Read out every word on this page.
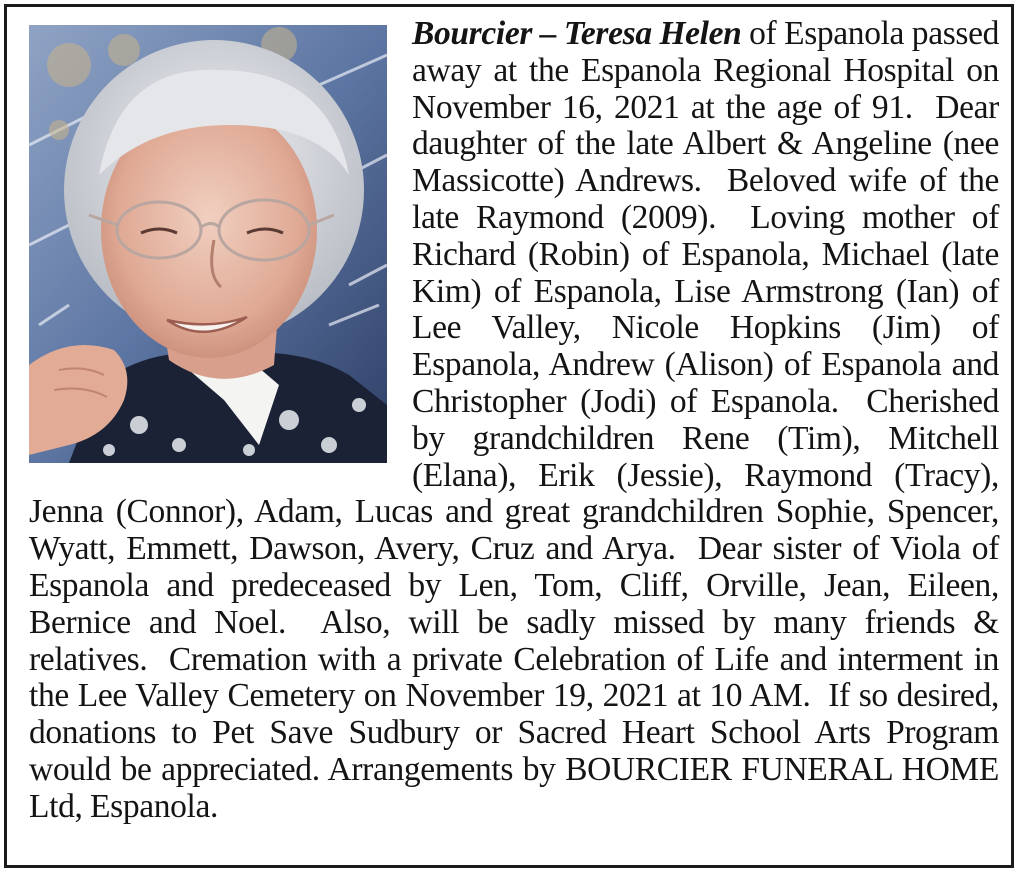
Bourcier – Teresa Helen of Espanola passed away at the Espanola Regional Hospital on November 16, 2021 at the age of 91.  Dear daughter of the late Albert & Angeline (nee Massicotte) Andrews.  Beloved wife of the late Raymond (2009).  Loving mother of Richard (Robin) of Espanola, Michael (late Kim) of Espanola, Lise Armstrong (Ian) of Lee Valley, Nicole Hopkins (Jim) of Espanola, Andrew (Alison) of Espanola and Christopher (Jodi) of Espanola.  Cherished by grandchildren Rene (Tim), Mitchell (Elana), Erik (Jessie), Raymond (Tracy), Jenna (Connor), Adam, Lucas and great grandchildren Sophie, Spencer, Wyatt, Emmett, Dawson, Avery, Cruz and Arya.  Dear sister of Viola of Espanola and predeceased by Len, Tom, Cliff, Orville, Jean, Eileen, Bernice and Noel.  Also, will be sadly missed by many friends & relatives.  Cremation with a private Celebration of Life and interment in the Lee Valley Cemetery on November 19, 2021 at 10 AM.  If so desired, donations to Pet Save Sudbury or Sacred Heart School Arts Program would be appreciated. Arrangements by BOURCIER FUNERAL HOME Ltd, Espanola.
